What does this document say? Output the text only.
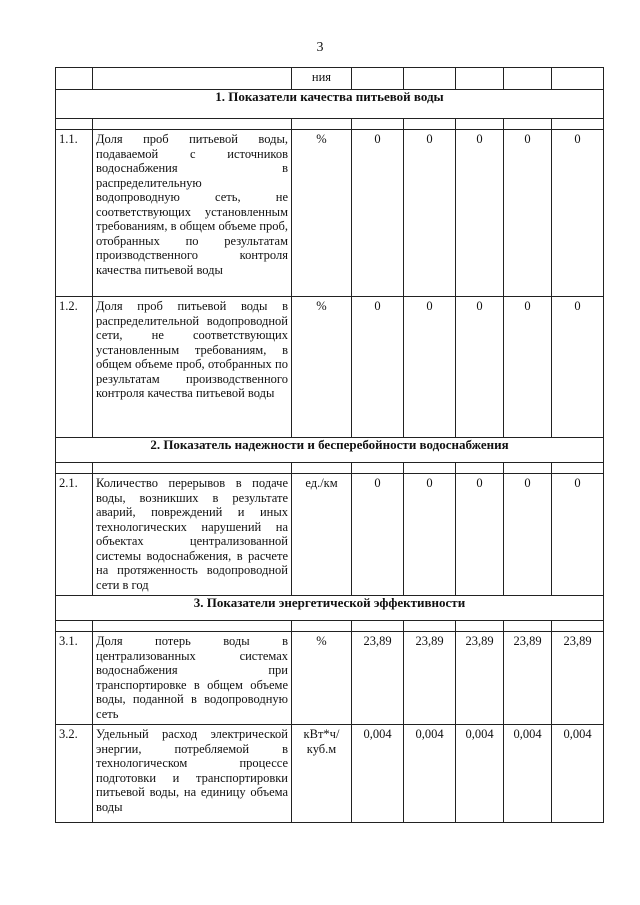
3
		ния					
1. Показатели качества питьевой воды							

1.1.	Доля проб питьевой воды, подаваемой с источников водоснабжения в распределительную водопроводную сеть, не соответствующих установленным требованиям, в общем объеме проб, отобранных по результатам производственного контроля качества питьевой воды	%	0	0	0	0	0
1.2.	Доля проб питьевой воды в распределительной водопроводной сети, не соответствующих установленным требованиям, в общем объеме проб, отобранных по результатам производственного контроля качества питьевой воды	%	0	0	0	0	0
2. Показатель надежности и бесперебойности водоснабжения							

2.1.	Количество перерывов в подаче воды, возникших в результате аварий, повреждений и иных технологических нарушений на объектах централизованной системы водоснабжения, в расчете на протяженность водопроводной сети в год	ед./км	0	0	0	0	0
3. Показатели энергетической эффективности							

3.1.	Доля потерь воды в централизованных системах водоснабжения при транспортировке в общем объеме воды, поданной в водопроводную сеть	%	23,89	23,89	23,89	23,89	23,89
3.2.	Удельный расход электрической энергии, потребляемой в технологическом процессе подготовки и транспортировки питьевой воды, на единицу объема воды	кВт*ч/ куб.м	0,004	0,004	0,004	0,004	0,004
